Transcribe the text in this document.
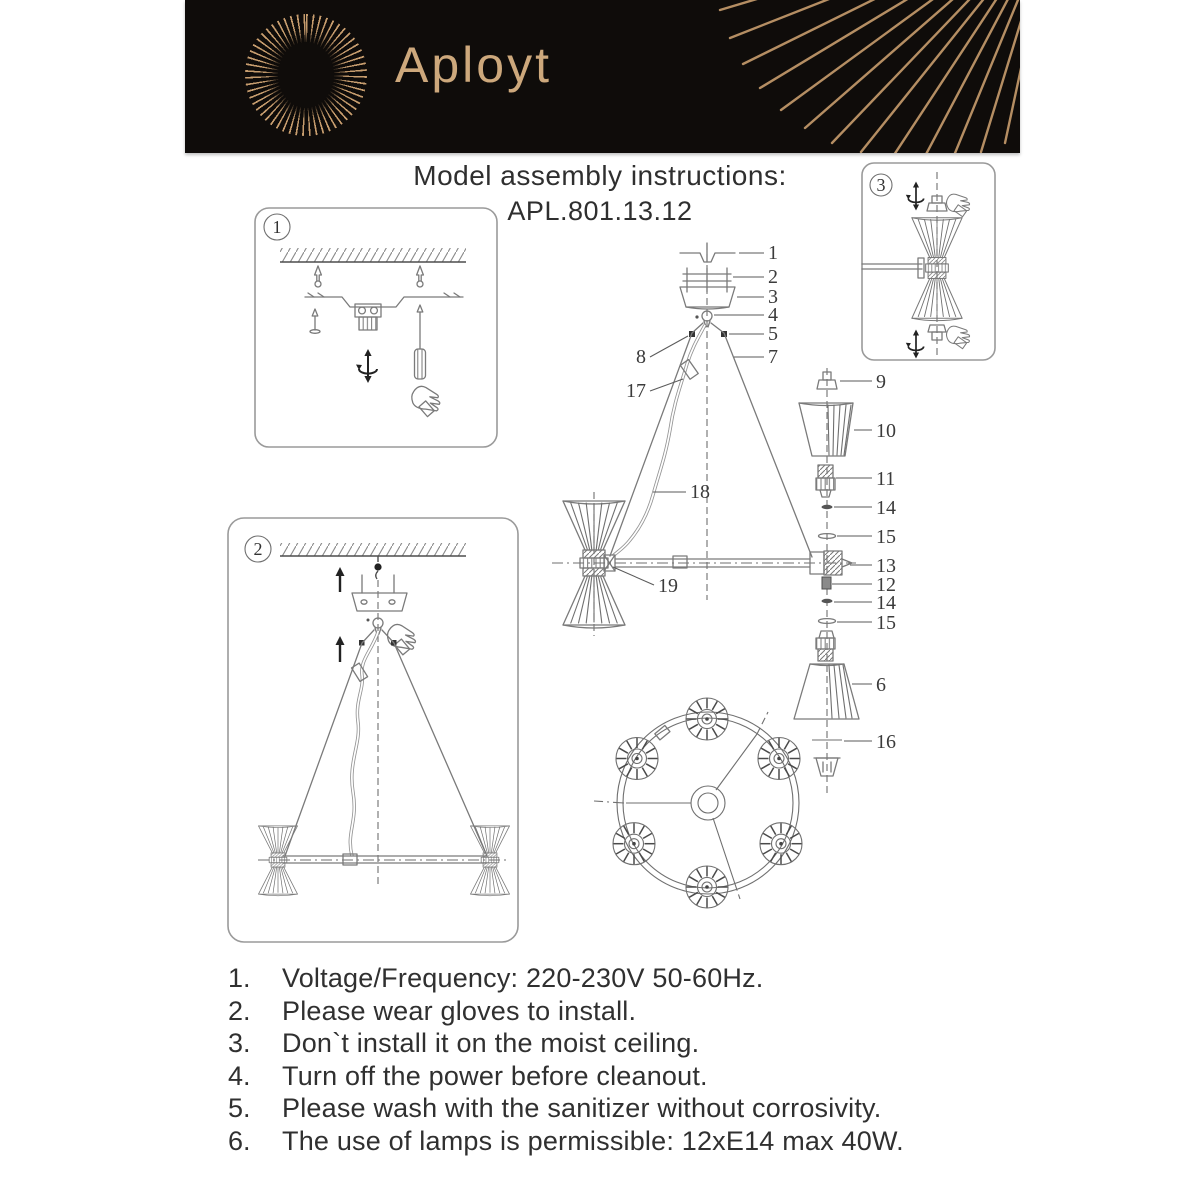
Aployt
Model assembly instructions:
APL.801.13.12
1
2
3
1
2
3
4
5
7
8
17
18
19
9
10
11
14
15
13
12
14
15
6
16
1.	Voltage/Frequency: 220-230V 50-60Hz.
2.	Please wear gloves to install.
3.	Don`t install it on the moist ceiling.
4.	Turn off the power before cleanout.
5.	Please wash with the sanitizer without corrosivity.
6.	The use of lamps is permissible: 12xE14 max 40W.
